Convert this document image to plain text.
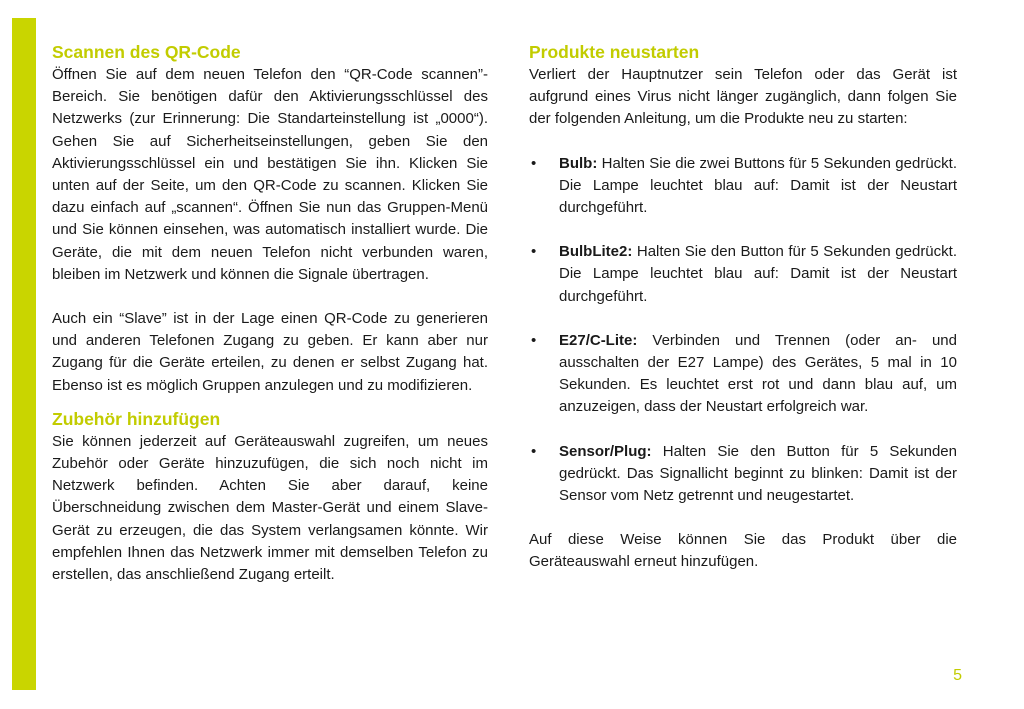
Scannen des QR-Code

Öffnen Sie auf dem neuen Telefon den “QR-Code scannen”-Bereich. Sie benötigen dafür den Aktivierungsschlüssel des Netzwerks (zur Erinnerung: Die Standarteinstellung ist „0000“). Gehen Sie auf Sicherheitseinstellungen, geben Sie den Aktivierungsschlüssel ein und bestätigen Sie ihn. Klicken Sie unten auf der Seite, um den QR-Code zu scannen. Klicken Sie dazu einfach auf „scannen“. Öffnen Sie nun das Gruppen-Menü und Sie können einsehen, was automatisch installiert wurde. Die Geräte, die mit dem neuen Telefon nicht verbunden waren, bleiben im Netzwerk und können die Signale übertragen.

Auch ein “Slave” ist in der Lage einen QR-Code zu generieren und anderen Telefonen Zugang zu geben. Er kann aber nur Zugang für die Geräte erteilen, zu denen er selbst Zugang hat. Ebenso ist es möglich Gruppen anzulegen und zu modifizieren.

Zubehör hinzufügen

Sie können jederzeit auf Geräteauswahl zugreifen, um neues Zubehör oder Geräte hinzuzufügen, die sich noch nicht im Netzwerk befinden. Achten Sie aber darauf, keine Überschneidung zwischen dem Master-Gerät und einem Slave-Gerät zu erzeugen, die das System verlangsamen könnte. Wir empfehlen Ihnen das Netzwerk immer mit demselben Telefon zu erstellen, das anschließend Zugang erteilt.

Produkte neustarten

Verliert der Hauptnutzer sein Telefon oder das Gerät ist aufgrund eines Virus nicht länger zugänglich, dann folgen Sie der folgenden Anleitung, um die Produkte neu zu starten:

• Bulb: Halten Sie die zwei Buttons für 5 Sekunden gedrückt. Die Lampe leuchtet blau auf: Damit ist der Neustart durchgeführt.
• BulbLite2: Halten Sie den Button für 5 Sekunden gedrückt. Die Lampe leuchtet blau auf: Damit ist der Neustart durchgeführt.
• E27/C-Lite: Verbinden und Trennen (oder an- und ausschalten der E27 Lampe) des Gerätes, 5 mal in 10 Sekunden. Es leuchtet erst rot und dann blau auf, um anzuzeigen, dass der Neustart erfolgreich war.
• Sensor/Plug: Halten Sie den Button für 5 Sekunden gedrückt. Das Signallicht beginnt zu blinken: Damit ist der Sensor vom Netz getrennt und neugestartet.

Auf diese Weise können Sie das Produkt über die Geräteauswahl erneut hinzufügen.

5
